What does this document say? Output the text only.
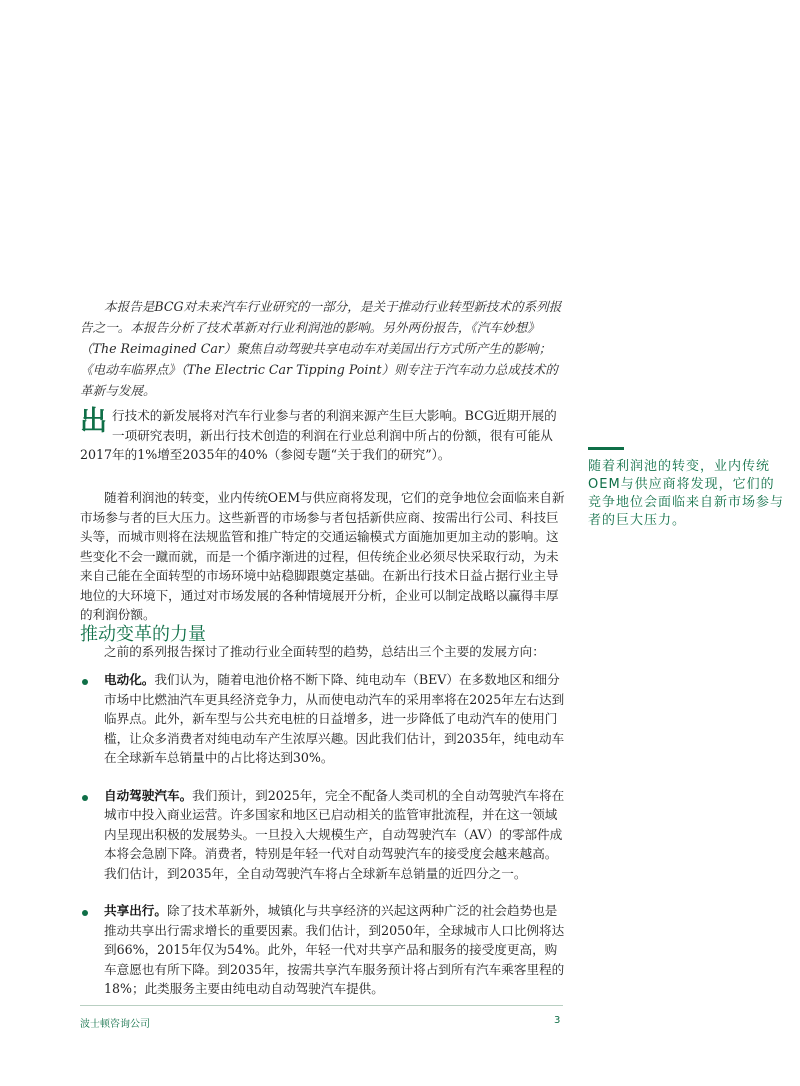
本报告是BCG对未来汽车行业研究的一部分，是关于推动行业转型新技术的系列报告之一。本报告分析了技术革新对行业利润池的影响。另外两份报告，《汽车妙想》（The Reimagined Car）聚焦自动驾驶共享电动车对美国出行方式所产生的影响；《电动车临界点》（The Electric Car Tipping Point）则专注于汽车动力总成技术的革新与发展。

出行技术的新发展将对汽车行业参与者的利润来源产生巨大影响。BCG近期开展的一项研究表明，新出行技术创造的利润在行业总利润中所占的份额，很有可能从2017年的1%增至2035年的40%（参阅专题“关于我们的研究”）。

随着利润池的转变，业内传统OEM与供应商将发现，它们的竞争地位会面临来自新市场参与者的巨大压力。这些新晋的市场参与者包括新供应商、按需出行公司、科技巨头等，而城市则将在法规监管和推广特定的交通运输模式方面施加更加主动的影响。这些变化不会一蹴而就，而是一个循序渐进的过程，但传统企业必须尽快采取行动，为未来自己能在全面转型的市场环境中站稳脚跟奠定基础。在新出行技术日益占据行业主导地位的大环境下，通过对市场发展的各种情境展开分析，企业可以制定战略以赢得丰厚的利润份额。

随着利润池的转变，业内传统OEM与供应商将发现，它们的竞争地位会面临来自新市场参与者的巨大压力。

推动变革的力量

之前的系列报告探讨了推动行业全面转型的趋势，总结出三个主要的发展方向：

电动化。我们认为，随着电池价格不断下降、纯电动车（BEV）在多数地区和细分市场中比燃油汽车更具经济竞争力，从而使电动汽车的采用率将在2025年左右达到临界点。此外，新车型与公共充电桩的日益增多，进一步降低了电动汽车的使用门槛，让众多消费者对纯电动车产生浓厚兴趣。因此我们估计，到2035年，纯电动车在全球新车总销量中的占比将达到30%。
自动驾驶汽车。我们预计，到2025年，完全不配备人类司机的全自动驾驶汽车将在城市中投入商业运营。许多国家和地区已启动相关的监管审批流程，并在这一领域内呈现出积极的发展势头。一旦投入大规模生产，自动驾驶汽车（AV）的零部件成本将会急剧下降。消费者，特别是年轻一代对自动驾驶汽车的接受度会越来越高。我们估计，到2035年，全自动驾驶汽车将占全球新车总销量的近四分之一。
共享出行。除了技术革新外，城镇化与共享经济的兴起这两种广泛的社会趋势也是推动共享出行需求增长的重要因素。我们估计，到2050年，全球城市人口比例将达到66%，2015年仅为54%。此外，年轻一代对共享产品和服务的接受度更高，购车意愿也有所下降。到2035年，按需共享汽车服务预计将占到所有汽车乘客里程的18%；此类服务主要由纯电动自动驾驶汽车提供。
波士顿咨询公司	3
